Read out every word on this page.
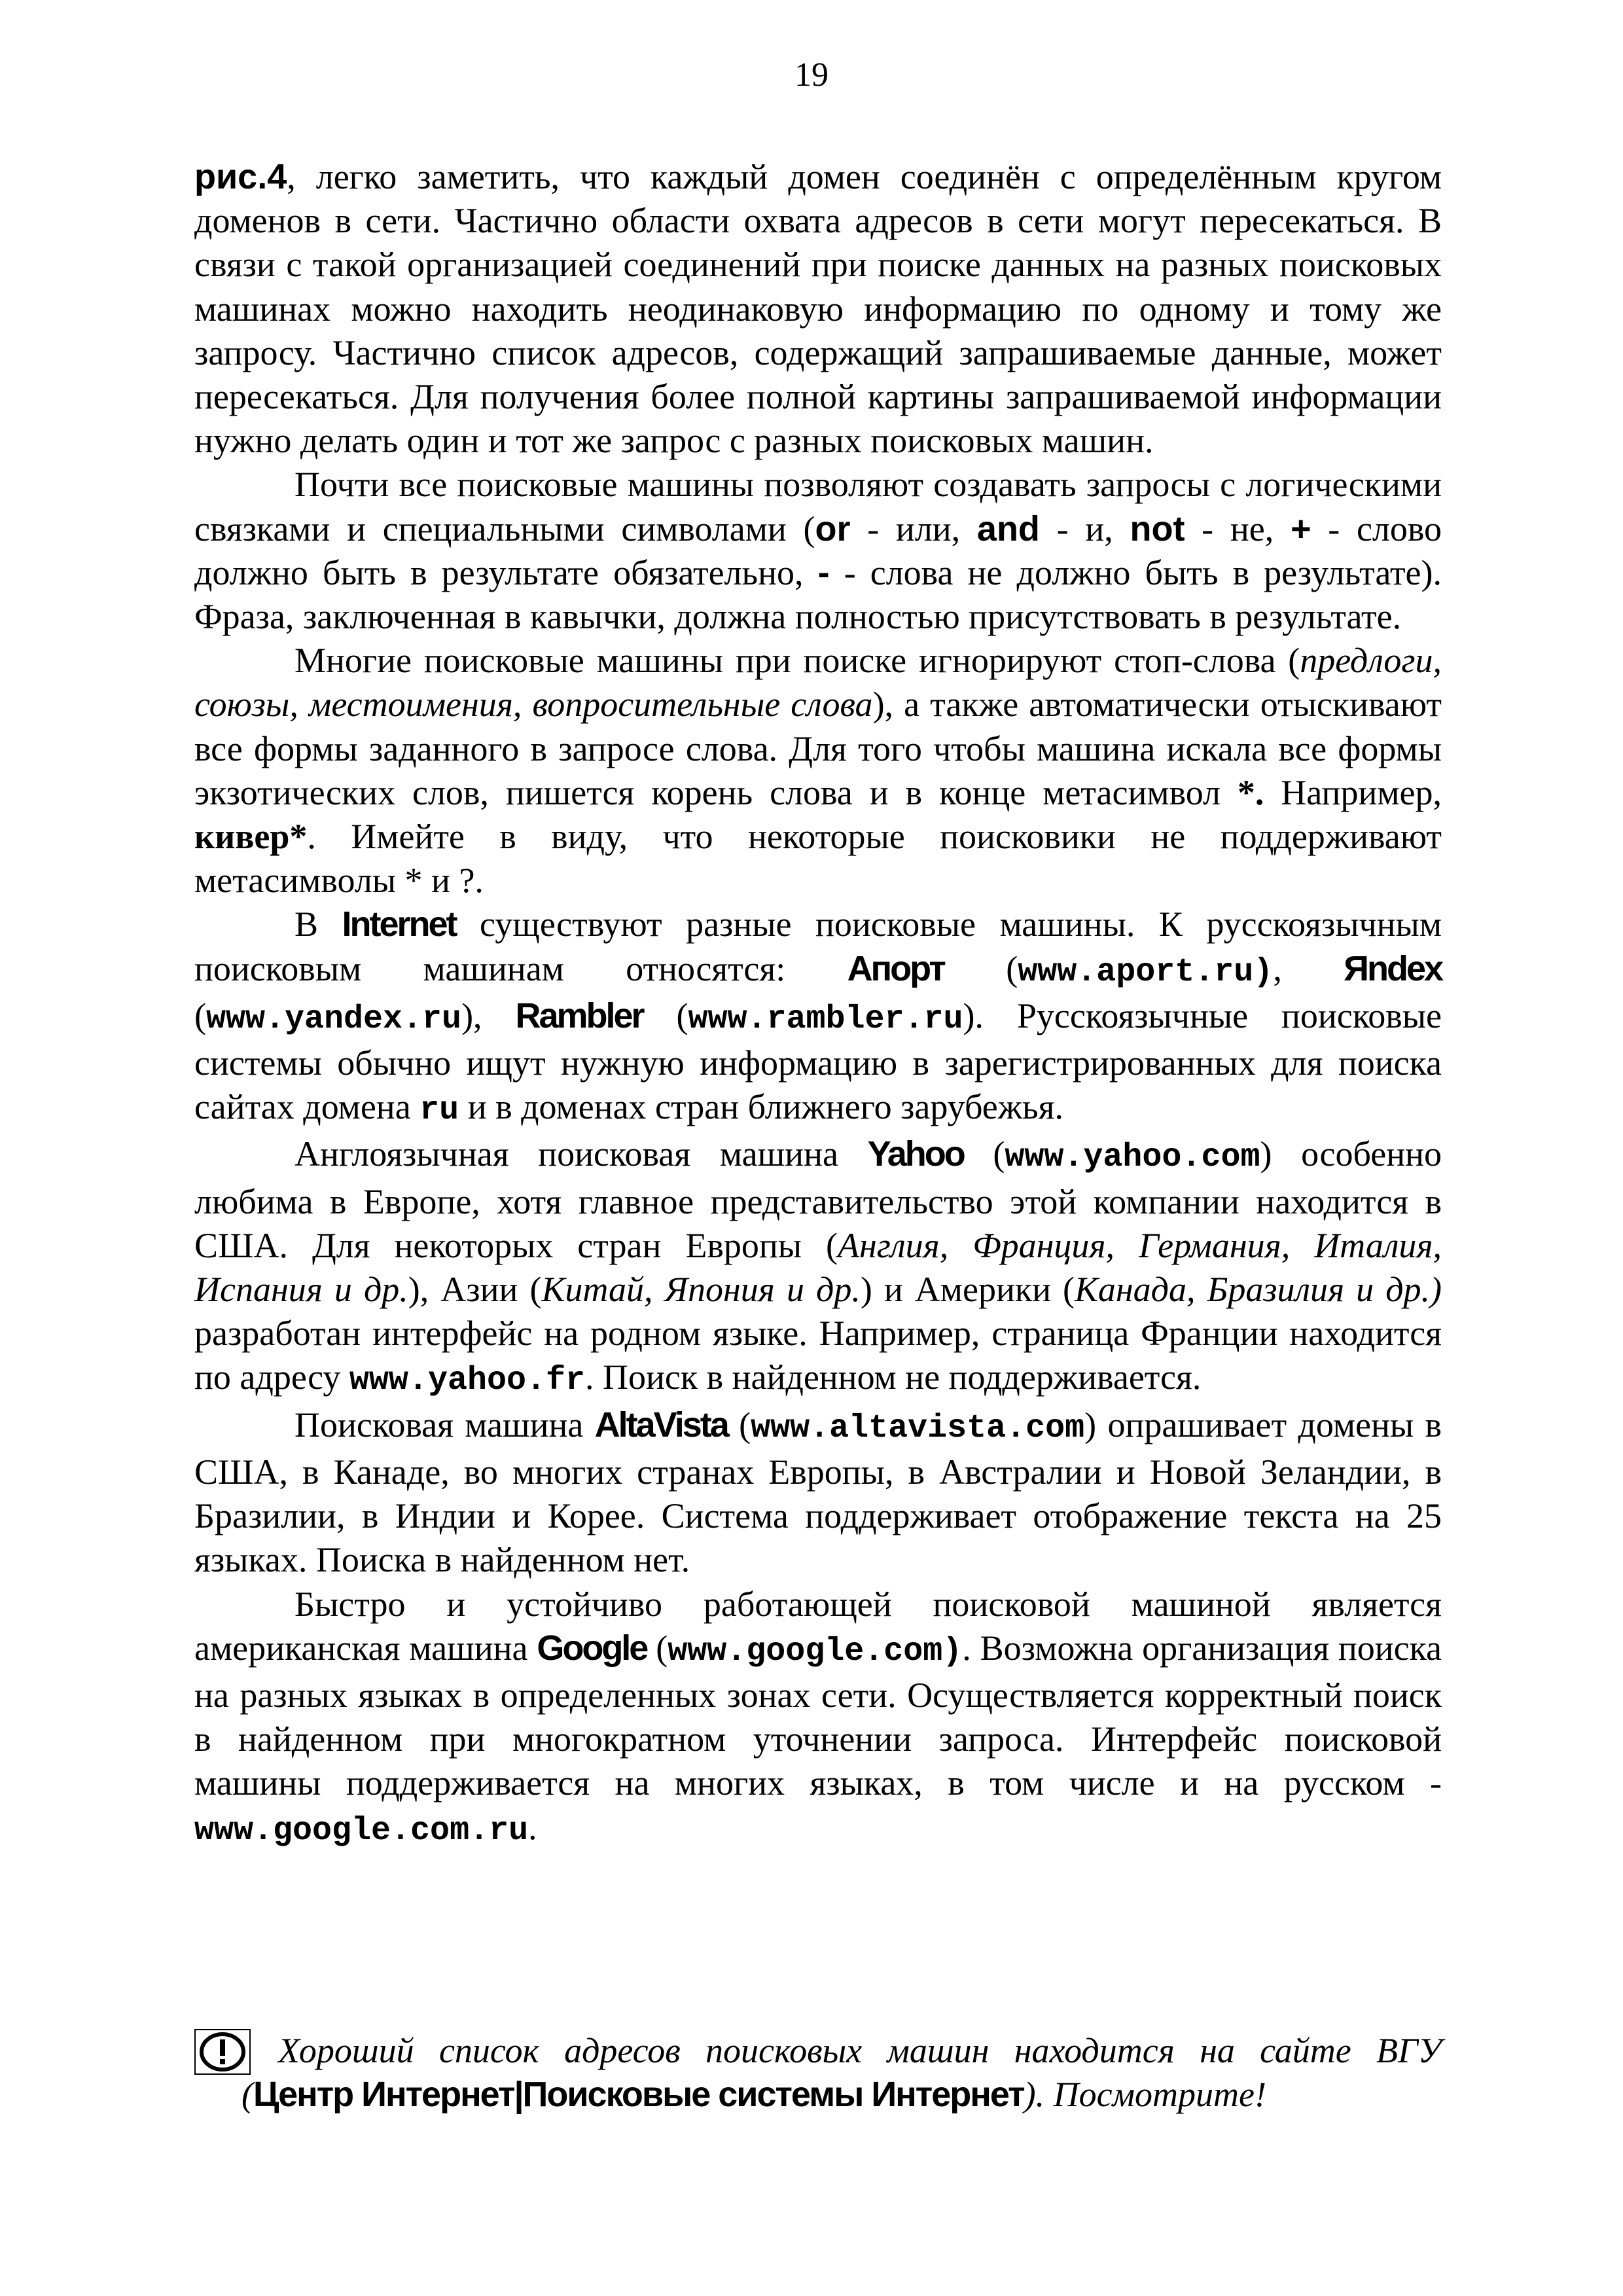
19

рис.4, легко заметить, что каждый домен соединён с определённым кругом доменов в сети. Частично области охвата адресов в сети могут пересекаться. В связи с такой организацией соединений при поиске данных на разных поисковых машинах можно находить неодинаковую информацию по одному и тому же запросу. Частично список адресов, содержащий запрашиваемые данные, может пересекаться. Для получения более полной картины запрашиваемой информации нужно делать один и тот же запрос с разных поисковых машин.

Почти все поисковые машины позволяют создавать запросы с логическими связками и специальными символами (or - или, and - и, not - не, + - слово должно быть в результате обязательно, - - слова не должно быть в результате). Фраза, заключенная в кавычки, должна полностью присутствовать в результате.

Многие поисковые машины при поиске игнорируют стоп-слова (предлоги, союзы, местоимения, вопросительные слова), а также автоматически отыскивают все формы заданного в запросе слова. Для того чтобы машина искала все формы экзотических слов, пишется корень слова и в конце метасимвол *. Например, кивер*. Имейте в виду, что некоторые поисковики не поддерживают метасимволы * и ?.

В Internet существуют разные поисковые машины. К русскоязычным поисковым машинам относятся: Апорт (www.aport.ru), Яndex (www.yandex.ru), Rambler (www.rambler.ru). Русскоязычные поисковые системы обычно ищут нужную информацию в зарегистрированных для поиска сайтах домена ru и в доменах стран ближнего зарубежья.

Англоязычная поисковая машина Yahoo (www.yahoo.com) особенно любима в Европе, хотя главное представительство этой компании находится в США. Для некоторых стран Европы (Англия, Франция, Германия, Италия, Испания и др.), Азии (Китай, Япония и др.) и Америки (Канада, Бразилия и др.) разработан интерфейс на родном языке. Например, страница Франции находится по адресу www.yahoo.fr. Поиск в найденном не поддерживается.

Поисковая машина AltaVista (www.altavista.com) опрашивает домены в США, в Канаде, во многих странах Европы, в Австралии и Новой Зеландии, в Бразилии, в Индии и Корее. Система поддерживает отображение текста на 25 языках. Поиска в найденном нет.

Быстро и устойчиво работающей поисковой машиной является американская машина Google (www.google.com). Возможна организация поиска на разных языках в определенных зонах сети. Осуществляется корректный поиск в найденном при многократном уточнении запроса. Интерфейс поисковой машины поддерживается на многих языках, в том числе и на русском - www.google.com.ru.

Хороший список адресов поисковых машин находится на сайте ВГУ
(Центр Интернет|Поисковые системы Интернет). Посмотрите!
